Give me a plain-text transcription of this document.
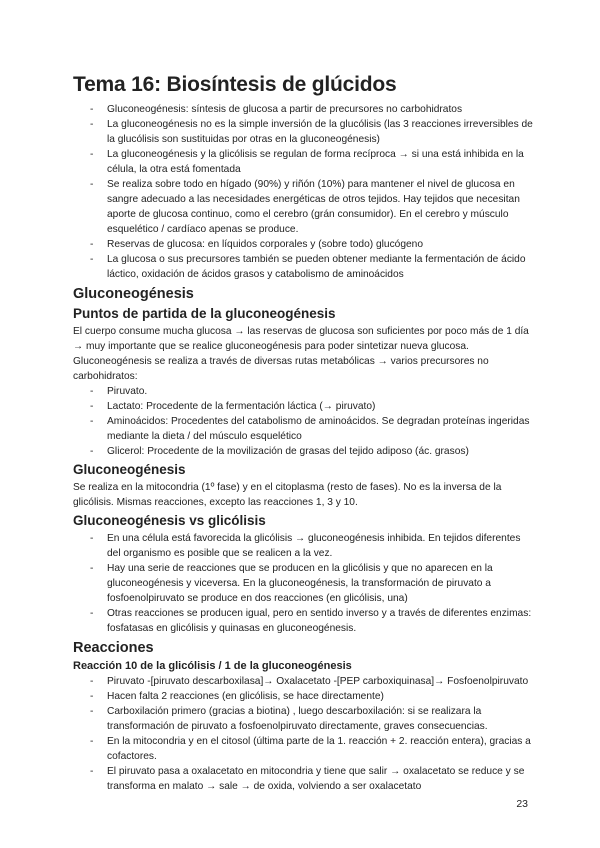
Tema 16: Biosíntesis de glúcidos
- Gluconeogénesis: síntesis de glucosa a partir de precursores no carbohidratos
- La gluconeogénesis no es la simple inversión de la glucólisis (las 3 reacciones irreversibles de la glucólisis son sustituidas por otras en la gluconeogénesis)
- La gluconeogénesis y la glicólisis se regulan de forma recíproca → si una está inhibida en la célula, la otra está fomentada
- Se realiza sobre todo en hígado (90%) y riñón (10%) para mantener el nivel de glucosa en sangre adecuado a las necesidades energéticas de otros tejidos. Hay tejidos que necesitan aporte de glucosa continuo, como el cerebro (grán consumidor). En el cerebro y músculo esquelético / cardíaco apenas se produce.
- Reservas de glucosa: en líquidos corporales y (sobre todo) glucógeno
- La glucosa o sus precursores también se pueden obtener mediante la fermentación de ácido láctico, oxidación de ácidos grasos y catabolismo de aminoácidos
Gluconeogénesis
Puntos de partida de la gluconeogénesis

El cuerpo consume mucha glucosa → las reservas de glucosa son suficientes por poco más de 1 día → muy importante que se realice gluconeogénesis para poder sintetizar nueva glucosa. Gluconeogénesis se realiza a través de diversas rutas metabólicas → varios precursores no carbohidratos:

- Piruvato.
- Lactato: Procedente de la fermentación láctica (→ piruvato)
- Aminoácidos: Procedentes del catabolismo de aminoácidos. Se degradan proteínas ingeridas mediante la dieta / del músculo esquelético
- Glicerol: Procedente de la movilización de grasas del tejido adiposo (ác. grasos)
Gluconeogénesis

Se realiza en la mitocondria (1º fase) y en el citoplasma (resto de fases). No es la inversa de la glicólisis. Mismas reacciones, excepto las reacciones 1, 3 y 10.

Gluconeogénesis vs glicólisis
- En una célula está favorecida la glicólisis → gluconeogénesis inhibida. En tejidos diferentes del organismo es posible que se realicen a la vez.
- Hay una serie de reacciones que se producen en la glicólisis y que no aparecen en la gluconeogénesis y viceversa. En la gluconeogénesis, la transformación de piruvato a fosfoenolpiruvato se produce en dos reacciones (en glicólisis, una)
- Otras reacciones se producen igual, pero en sentido inverso y a través de diferentes enzimas: fosfatasas en glicólisis y quinasas en gluconeogénesis.
Reacciones
Reacción 10 de la glicólisis / 1 de la gluconeogénesis
- Piruvato -[piruvato descarboxilasa]→ Oxalacetato -[PEP carboxiquinasa]→ Fosfoenolpiruvato
- Hacen falta 2 reacciones (en glicólisis, se hace directamente)
- Carboxilación primero (gracias a biotina) , luego descarboxilación: si se realizara la transformación de piruvato a fosfoenolpiruvato directamente, graves consecuencias.
- En la mitocondria y en el citosol (última parte de la 1. reacción + 2. reacción entera), gracias a cofactores.
- El piruvato pasa a oxalacetato en mitocondria y tiene que salir → oxalacetato se reduce y se transforma en malato → sale → de oxida, volviendo a ser oxalacetato
23
